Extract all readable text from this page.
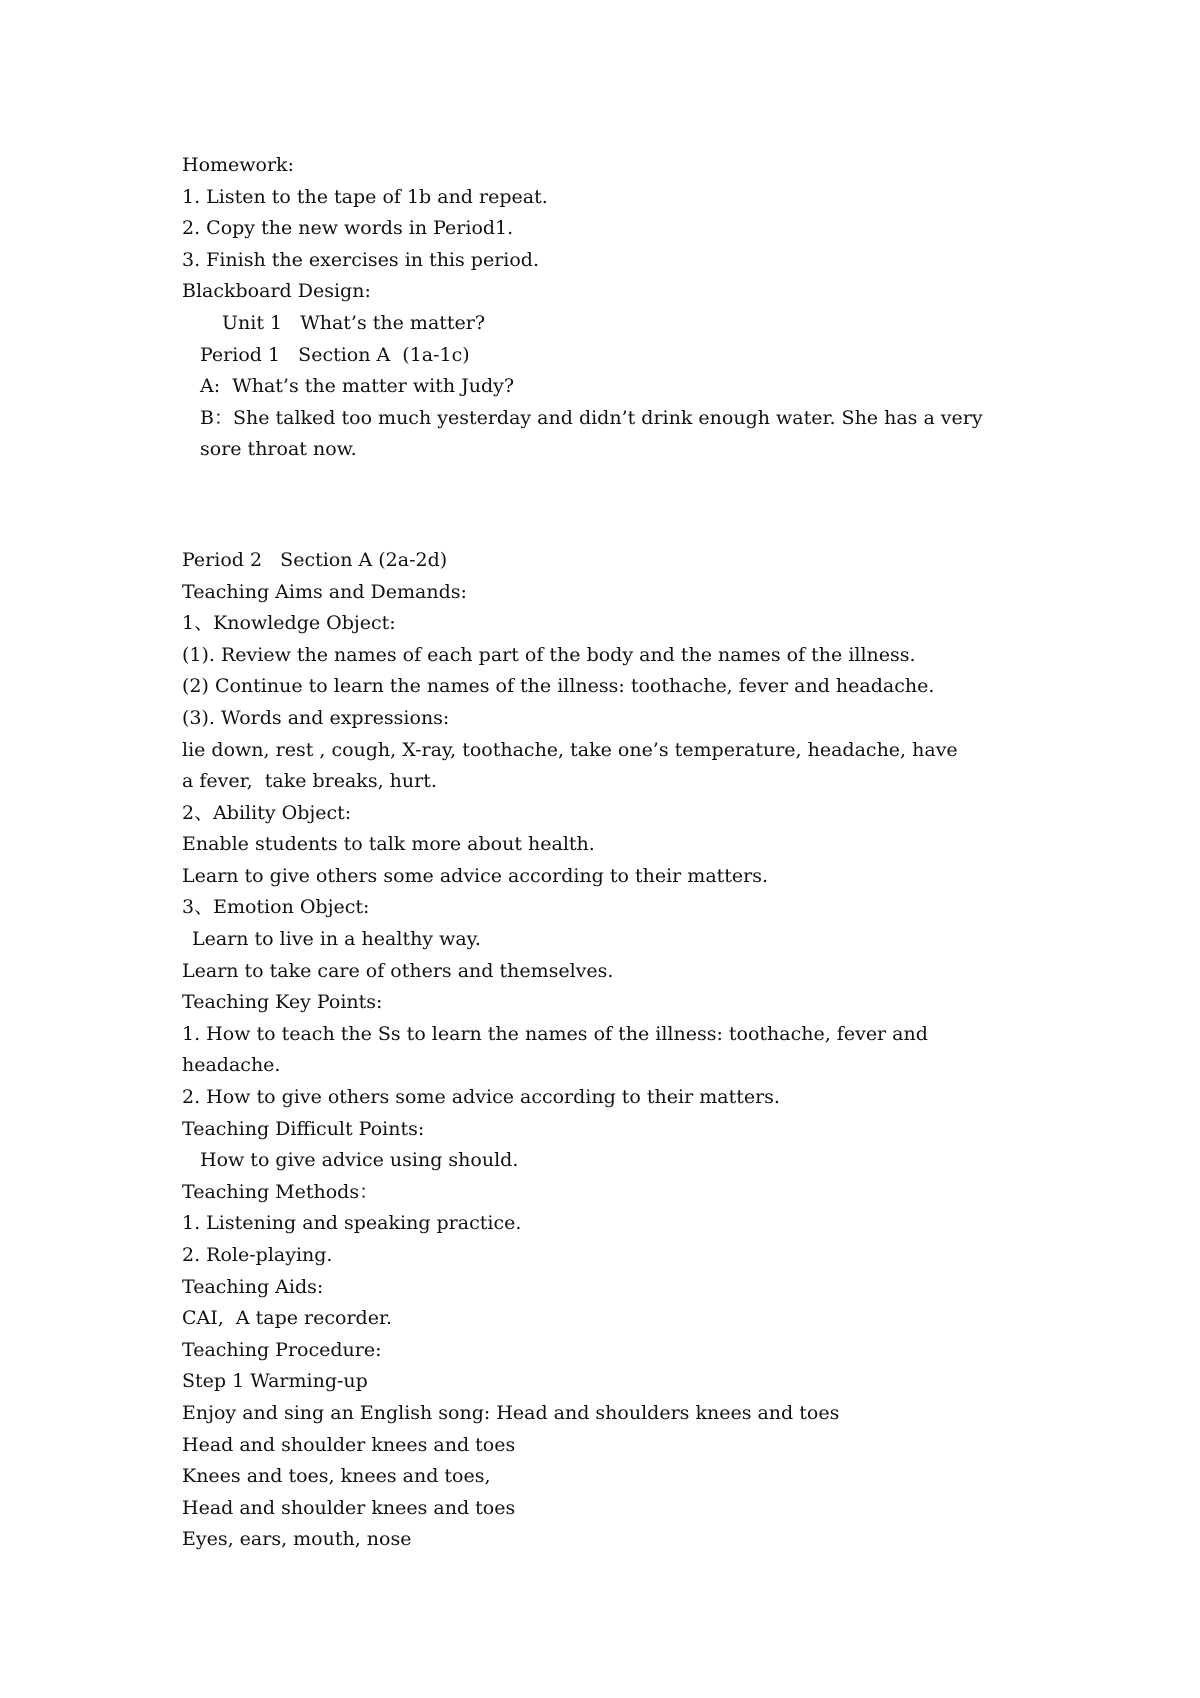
Homework:
1. Listen to the tape of 1b and repeat.
2. Copy the new words in Period1.
3. Finish the exercises in this period.
Blackboard Design:
Unit 1   What’s the matter?
Period 1   Section A  (1a-1c)
A:  What’s the matter with Judy?
B：She talked too much yesterday and didn’t drink enough water. She has a very
sore throat now.
Period 2   Section A (2a-2d)
Teaching Aims and Demands:
1、Knowledge Object:
(1). Review the names of each part of the body and the names of the illness.
(2) Continue to learn the names of the illness: toothache, fever and headache.
(3). Words and expressions:
lie down, rest , cough, X-ray, toothache, take one’s temperature, headache, have
a fever,  take breaks, hurt.
2、Ability Object:
Enable students to talk more about health.
Learn to give others some advice according to their matters.
3、Emotion Object:
Learn to live in a healthy way.
Learn to take care of others and themselves.
Teaching Key Points:
1. How to teach the Ss to learn the names of the illness: toothache, fever and
headache.
2. How to give others some advice according to their matters.
Teaching Difficult Points:
How to give advice using should.
Teaching Methods：
1. Listening and speaking practice.
2. Role-playing.
Teaching Aids:
CAI,  A tape recorder.
Teaching Procedure:
Step 1 Warming-up
Enjoy and sing an English song: Head and shoulders knees and toes
Head and shoulder knees and toes
Knees and toes, knees and toes,
Head and shoulder knees and toes
Eyes, ears, mouth, nose
